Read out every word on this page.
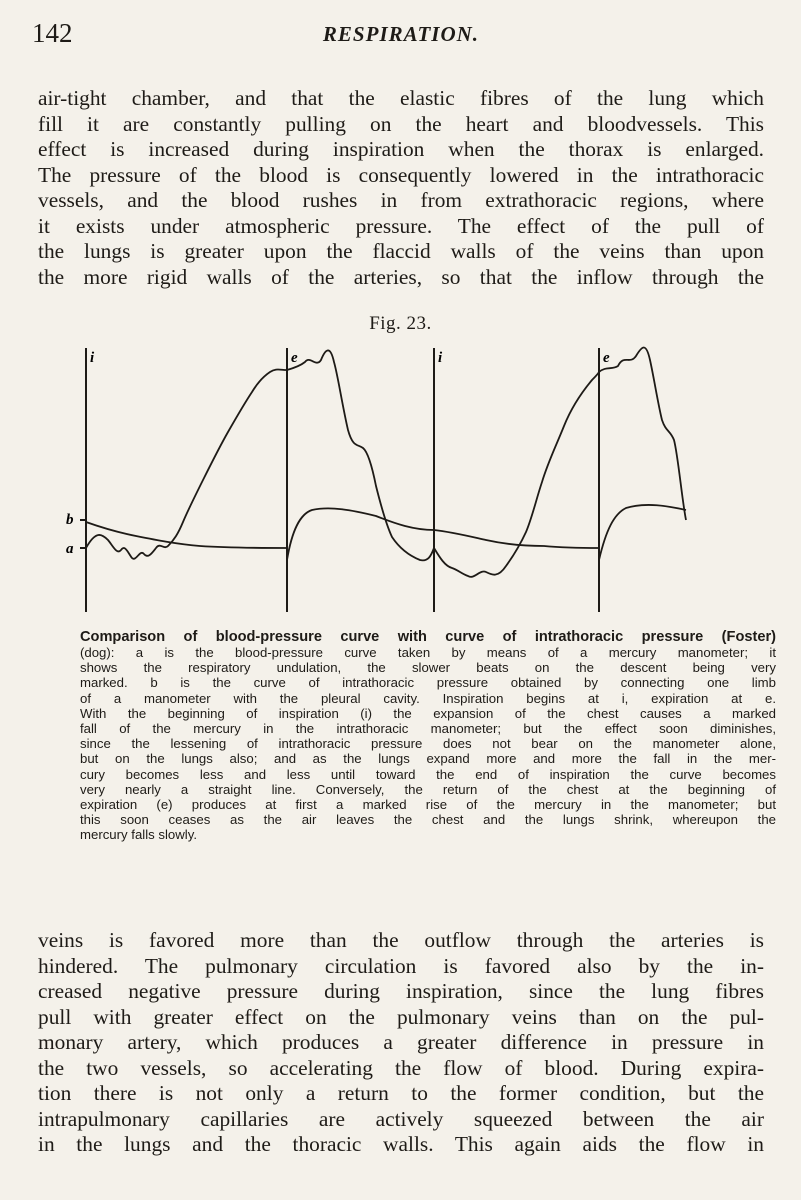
142	RESPIRATION.
air-tight chamber, and that the elastic fibres of the lung which
fill it are constantly pulling on the heart and bloodvessels. This
effect is increased during inspiration when the thorax is enlarged.
The pressure of the blood is consequently lowered in the intrathoracic
vessels, and the blood rushes in from extrathoracic regions, where
it exists under atmospheric pressure. The effect of the pull of
the lungs is greater upon the flaccid walls of the veins than upon
the more rigid walls of the arteries, so that the inflow through the
Fig. 23.
i	e	i	e
b
a
Comparison of blood-pressure curve with curve of intrathoracic pressure (Foster)
(dog): a is the blood-pressure curve taken by means of a mercury manometer; it
shows the respiratory undulation, the slower beats on the descent being very
marked. b is the curve of intrathoracic pressure obtained by connecting one limb
of a manometer with the pleural cavity. Inspiration begins at i, expiration at e.
With the beginning of inspiration (i) the expansion of the chest causes a marked
fall of the mercury in the intrathoracic manometer; but the effect soon diminishes,
since the lessening of intrathoracic pressure does not bear on the manometer alone,
but on the lungs also; and as the lungs expand more and more the fall in the mer-
cury becomes less and less until toward the end of inspiration the curve becomes
very nearly a straight line. Conversely, the return of the chest at the beginning of
expiration (e) produces at first a marked rise of the mercury in the manometer; but
this soon ceases as the air leaves the chest and the lungs shrink, whereupon the
mercury falls slowly.
veins is favored more than the outflow through the arteries is
hindered. The pulmonary circulation is favored also by the in-
creased negative pressure during inspiration, since the lung fibres
pull with greater effect on the pulmonary veins than on the pul-
monary artery, which produces a greater difference in pressure in
the two vessels, so accelerating the flow of blood. During expira-
tion there is not only a return to the former condition, but the
intrapulmonary capillaries are actively squeezed between the air
in the lungs and the thoracic walls. This again aids the flow in
